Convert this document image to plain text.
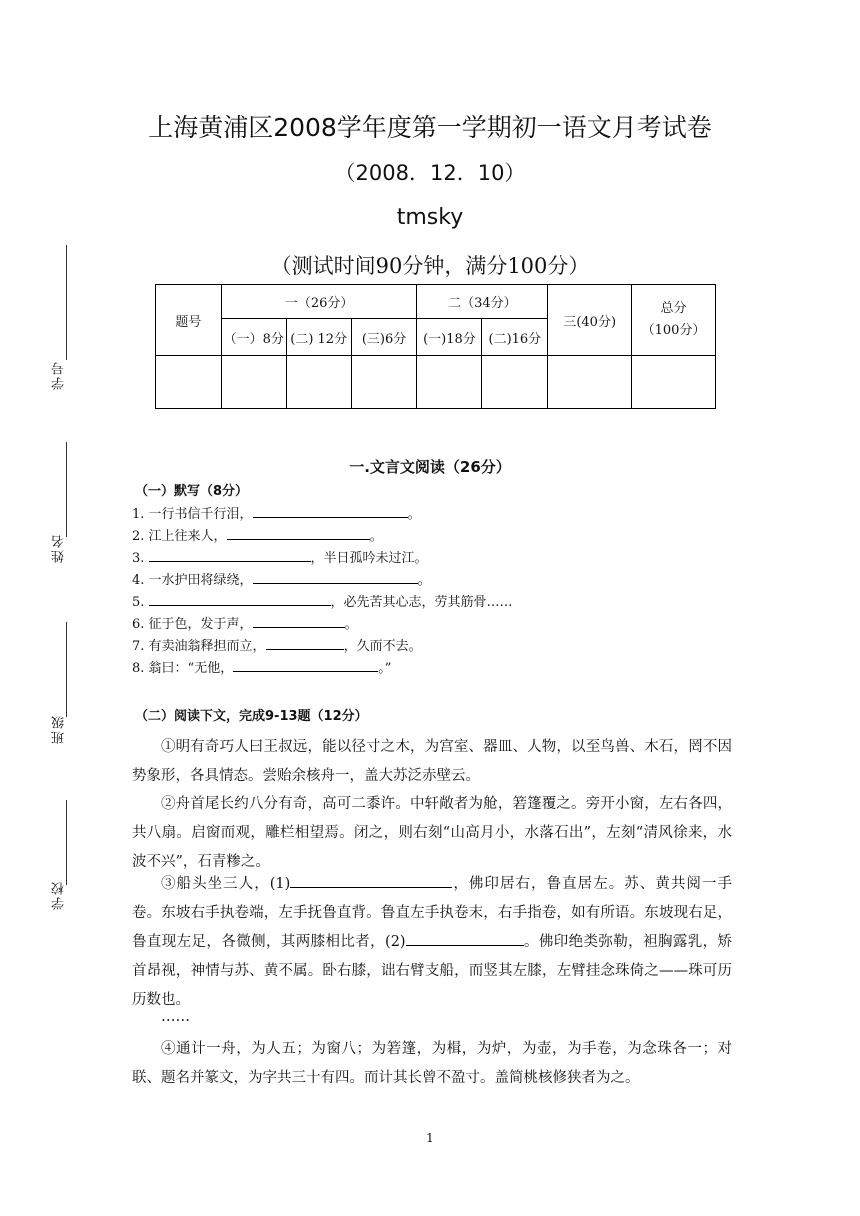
上海黄浦区2008学年度第一学期初一语文月考试卷
（2008．12．10）
tmsky
（测试时间90分钟，满分100分）
学号
姓名
班级
学校
题号	一（26分）			二（34分）		三(40分)	总分
（100分）
	（一）8分	(二) 12分	(三)6分	(一)18分	(二)16分		

一.文言文阅读（26分）
（一）默写（8分）
1. 一行书信千行泪，	。
2. 江上往来人，	。
3.	，半日孤吟未过江。
4. 一水护田将绿绕，	。
5.	，必先苦其心志，劳其筋骨……
6. 征于色，发于声，	。
7. 有卖油翁释担而立，	，久而不去。
8. 翁曰：“无他，	。”
（二）阅读下文，完成9-13题（12分）
①明有奇巧人曰王叔远，能以径寸之木，为宫室、器皿、人物，以至鸟兽、木石，罔不因势象形，各具情态。尝贻余核舟一，盖大苏泛赤壁云。
②舟首尾长约八分有奇，高可二黍许。中轩敞者为舱，箬篷覆之。旁开小窗，左右各四，共八扇。启窗而观，雕栏相望焉。闭之，则右刻“山高月小，水落石出”，左刻“清风徐来，水波不兴”，石青糁之。
③船头坐三人，(1)	，佛印居右，鲁直居左。苏、黄共阅一手卷。东坡右手执卷端，左手抚鲁直背。鲁直左手执卷末，右手指卷，如有所语。东坡现右足，鲁直现左足，各微侧，其两膝相比者，(2)	。佛印绝类弥勒，袒胸露乳，矫首昂视，神情与苏、黄不属。卧右膝，诎右臂支船，而竖其左膝，左臂挂念珠倚之——珠可历历数也。
……
④通计一舟，为人五；为窗八；为箬篷，为楫，为炉，为壶，为手卷，为念珠各一；对联、题名并篆文，为字共三十有四。而计其长曾不盈寸。盖简桃核修狭者为之。
1
